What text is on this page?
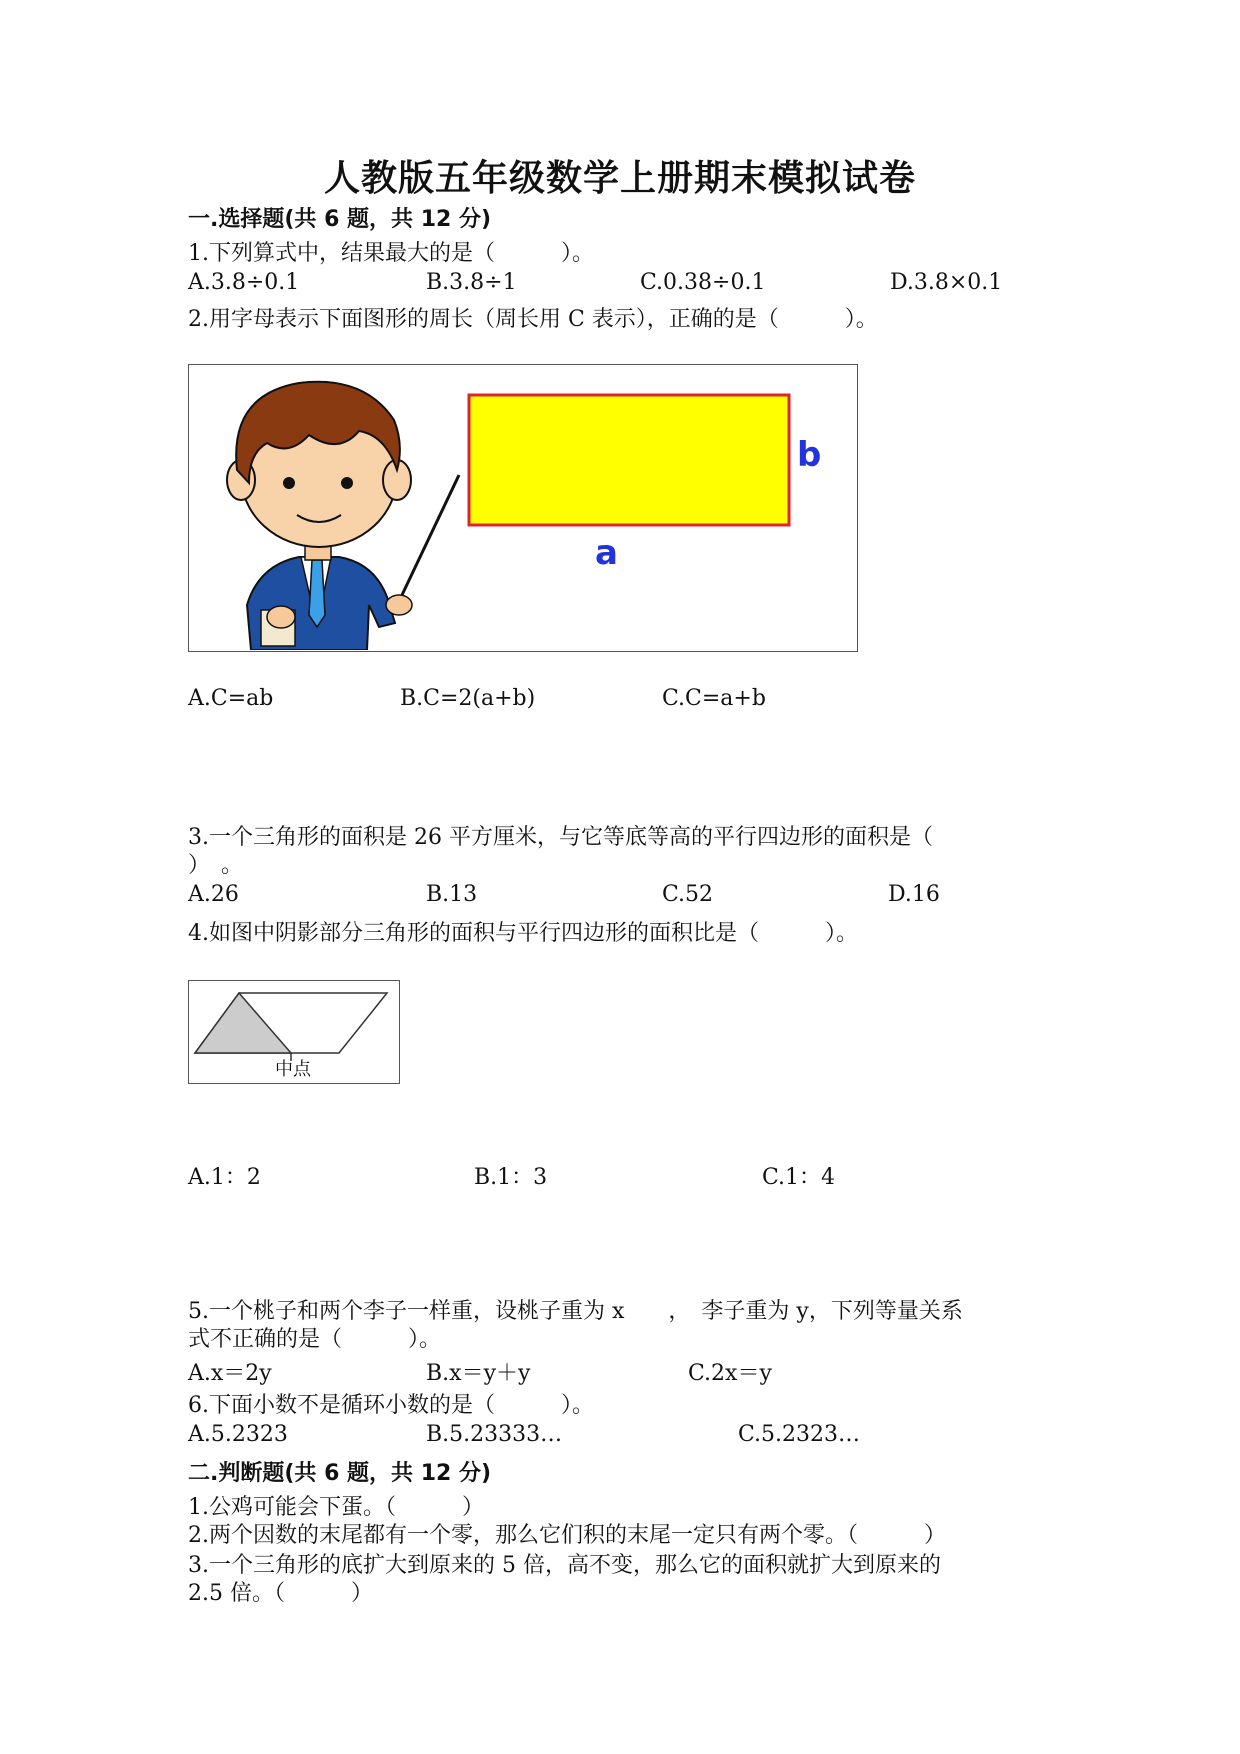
人教版五年级数学上册期末模拟试卷
一.选择题(共 6 题，共 12 分)
1.下列算式中，结果最大的是（　　　）。
A.3.8÷0.1	B.3.8÷1	C.0.38÷0.1	D.3.8×0.1
2.用字母表示下面图形的周长（周长用 C 表示），正确的是（　　　）。
b
a
A.C=ab	B.C=2(a+b)	C.C=a+b
3.一个三角形的面积是 26 平方厘米，与它等底等高的平行四边形的面积是（
）　。
A.26	B.13	C.52	D.16
4.如图中阴影部分三角形的面积与平行四边形的面积比是（　　　）。
中点
A.1：2	B.1：3	C.1：4
5.一个桃子和两个李子一样重，设桃子重为 x　　，　李子重为 y，下列等量关系
式不正确的是（　　　）。
A.x＝2y	B.x＝y＋y	C.2x＝y
6.下面小数不是循环小数的是（　　　）。
A.5.2323	B.5.23333…	C.5.2323…
二.判断题(共 6 题，共 12 分)
1.公鸡可能会下蛋。（　　　）
2.两个因数的末尾都有一个零，那么它们积的末尾一定只有两个零。（　　　）
3.一个三角形的底扩大到原来的 5 倍，高不变，那么它的面积就扩大到原来的
2.5 倍。（　　　）
